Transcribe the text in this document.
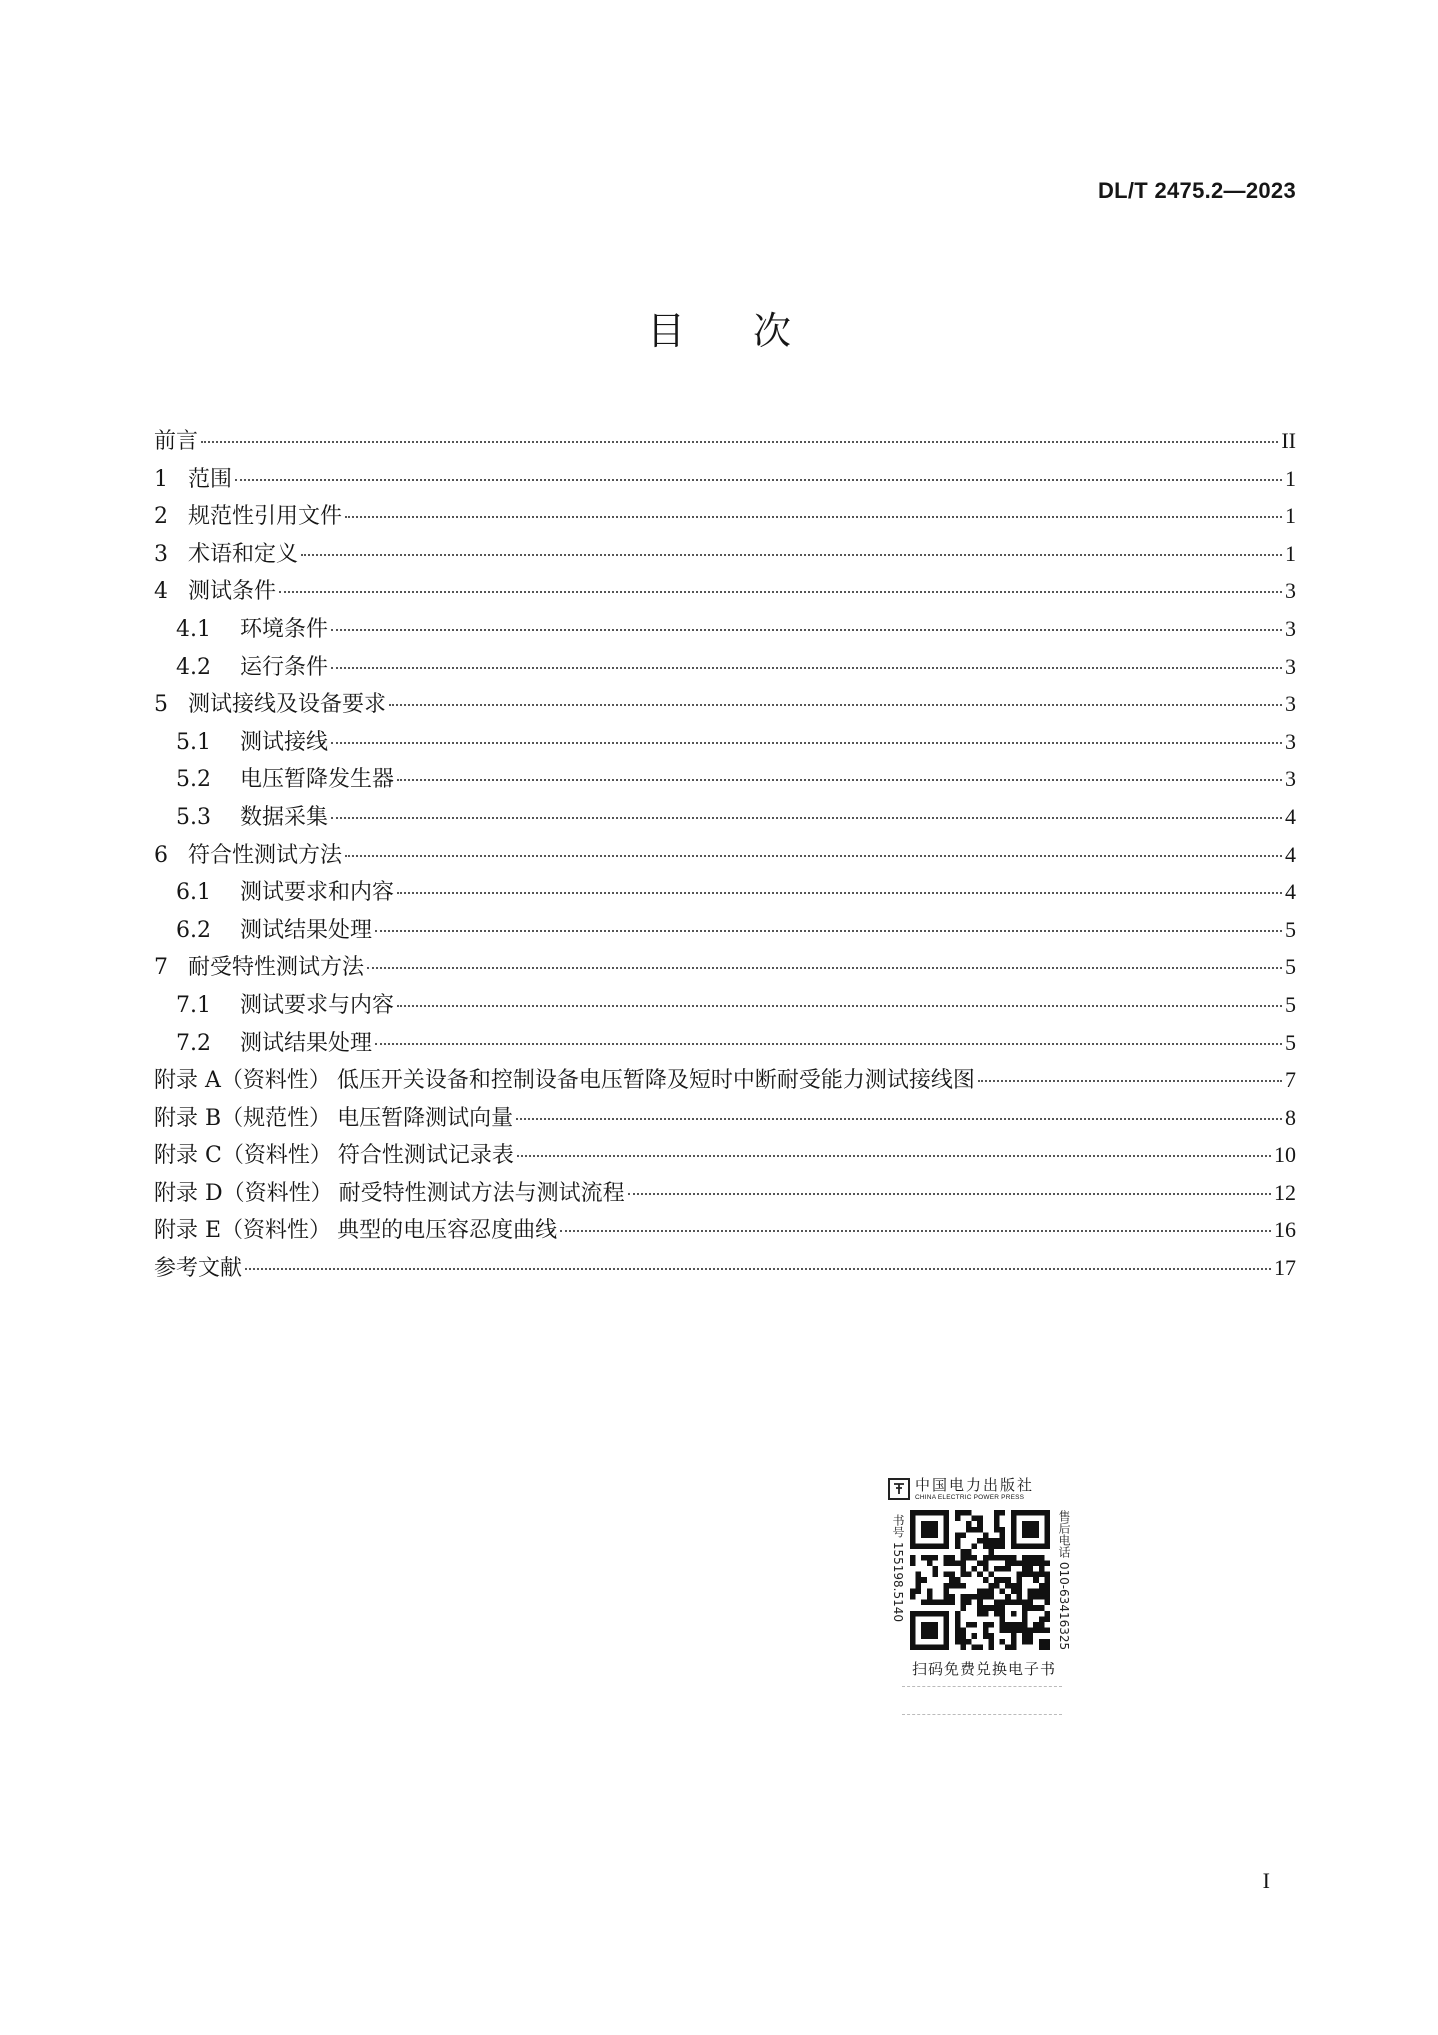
DL/T 2475.2—2023
目次
前言	II
1 范围	1
2 规范性引用文件	1
3 术语和定义	1
4 测试条件	3
4.1	环境条件	3
4.2	运行条件	3
5 测试接线及设备要求	3
5.1	测试接线	3
5.2	电压暂降发生器	3
5.3	数据采集	4
6 符合性测试方法	4
6.1	测试要求和内容	4
6.2	测试结果处理	5
7 耐受特性测试方法	5
7.1	测试要求与内容	5
7.2	测试结果处理	5
附录 A（资料性） 低压开关设备和控制设备电压暂降及短时中断耐受能力测试接线图	7
附录 B（规范性） 电压暂降测试向量	8
附录 C（资料性） 符合性测试记录表	10
附录 D（资料性） 耐受特性测试方法与测试流程	12
附录 E（资料性） 典型的电压容忍度曲线	16
参考文献	17
中国电力出版社
CHINA ELECTRIC POWER PRESS
书号 155198.5140	售后电话 010-63416325
扫码免费兑换电子书
I
